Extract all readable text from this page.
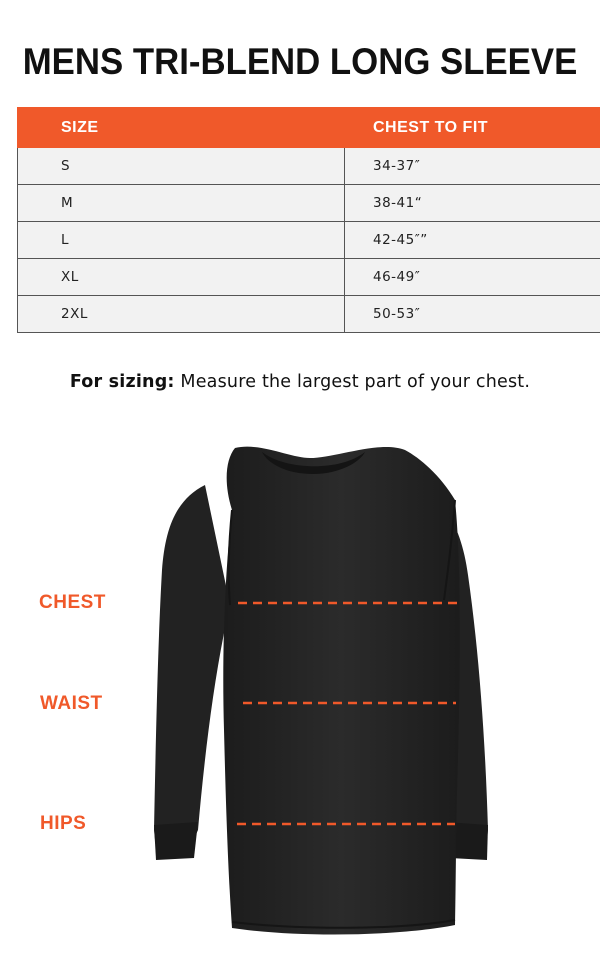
MENS TRI-BLEND LONG SLEEVE
SIZE	CHEST TO FIT
S	34-37″
M	38-41“
L	42-45″”
XL	46-49″
2XL	50-53″
For sizing: Measure the largest part of your chest.
CHEST
WAIST
HIPS
